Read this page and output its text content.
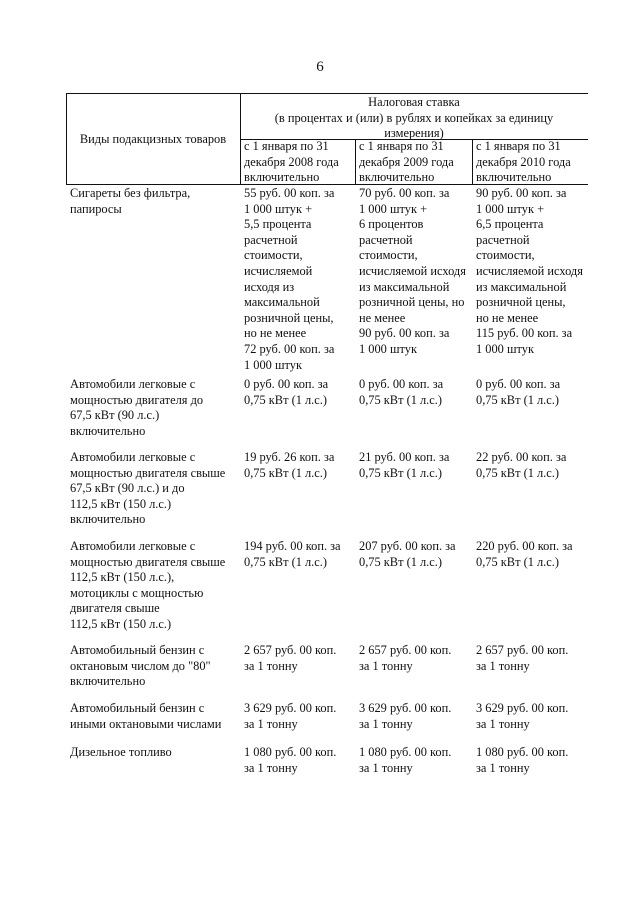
6
Виды подакцизных товаров
Налоговая ставка
(в процентах и (или) в рублях и копейках за единицу
измерения)
с 1 января по 31
декабря 2008 года
включительно
с 1 января по 31
декабря 2009 года
включительно
с 1 января по 31
декабря 2010 года
включительно
Сигареты без фильтра,
папиросы
55 руб. 00 коп. за
1 000 штук +
5,5 процента
расчетной
стоимости,
исчисляемой
исходя из
максимальной
розничной цены,
но не менее
72 руб. 00 коп. за
1 000 штук
70 руб. 00 коп. за
1 000 штук +
6 процентов
расчетной
стоимости,
исчисляемой исходя
из максимальной
розничной цены, но
не менее
90 руб. 00 коп. за
1 000 штук
90 руб. 00 коп. за
1 000 штук +
6,5 процента
расчетной
стоимости,
исчисляемой исходя
из максимальной
розничной цены,
но не менее
115 руб. 00 коп. за
1 000 штук
Автомобили легковые с
мощностью двигателя до
67,5 кВт (90 л.с.)
включительно
0 руб. 00 коп. за
0,75 кВт (1 л.с.)
0 руб. 00 коп. за
0,75 кВт (1 л.с.)
0 руб. 00 коп. за
0,75 кВт (1 л.с.)
Автомобили легковые с
мощностью двигателя свыше
67,5 кВт (90 л.с.) и до
112,5 кВт (150 л.с.)
включительно
19 руб. 26 коп. за
0,75 кВт (1 л.с.)
21 руб. 00 коп. за
0,75 кВт (1 л.с.)
22 руб. 00 коп. за
0,75 кВт (1 л.с.)
Автомобили легковые с
мощностью двигателя свыше
112,5 кВт (150 л.с.),
мотоциклы с мощностью
двигателя свыше
112,5 кВт (150 л.с.)
194 руб. 00 коп. за
0,75 кВт (1 л.с.)
207 руб. 00 коп. за
0,75 кВт (1 л.с.)
220 руб. 00 коп. за
0,75 кВт (1 л.с.)
Автомобильный бензин с
октановым числом до "80"
включительно
2 657 руб. 00 коп.
за 1 тонну
2 657 руб. 00 коп.
за 1 тонну
2 657 руб. 00 коп.
за 1 тонну
Автомобильный бензин с
иными октановыми числами
3 629 руб. 00 коп.
за 1 тонну
3 629 руб. 00 коп.
за 1 тонну
3 629 руб. 00 коп.
за 1 тонну
Дизельное топливо	1 080 руб. 00 коп.
за 1 тонну
1 080 руб. 00 коп.
за 1 тонну
1 080 руб. 00 коп.
за 1 тонну
